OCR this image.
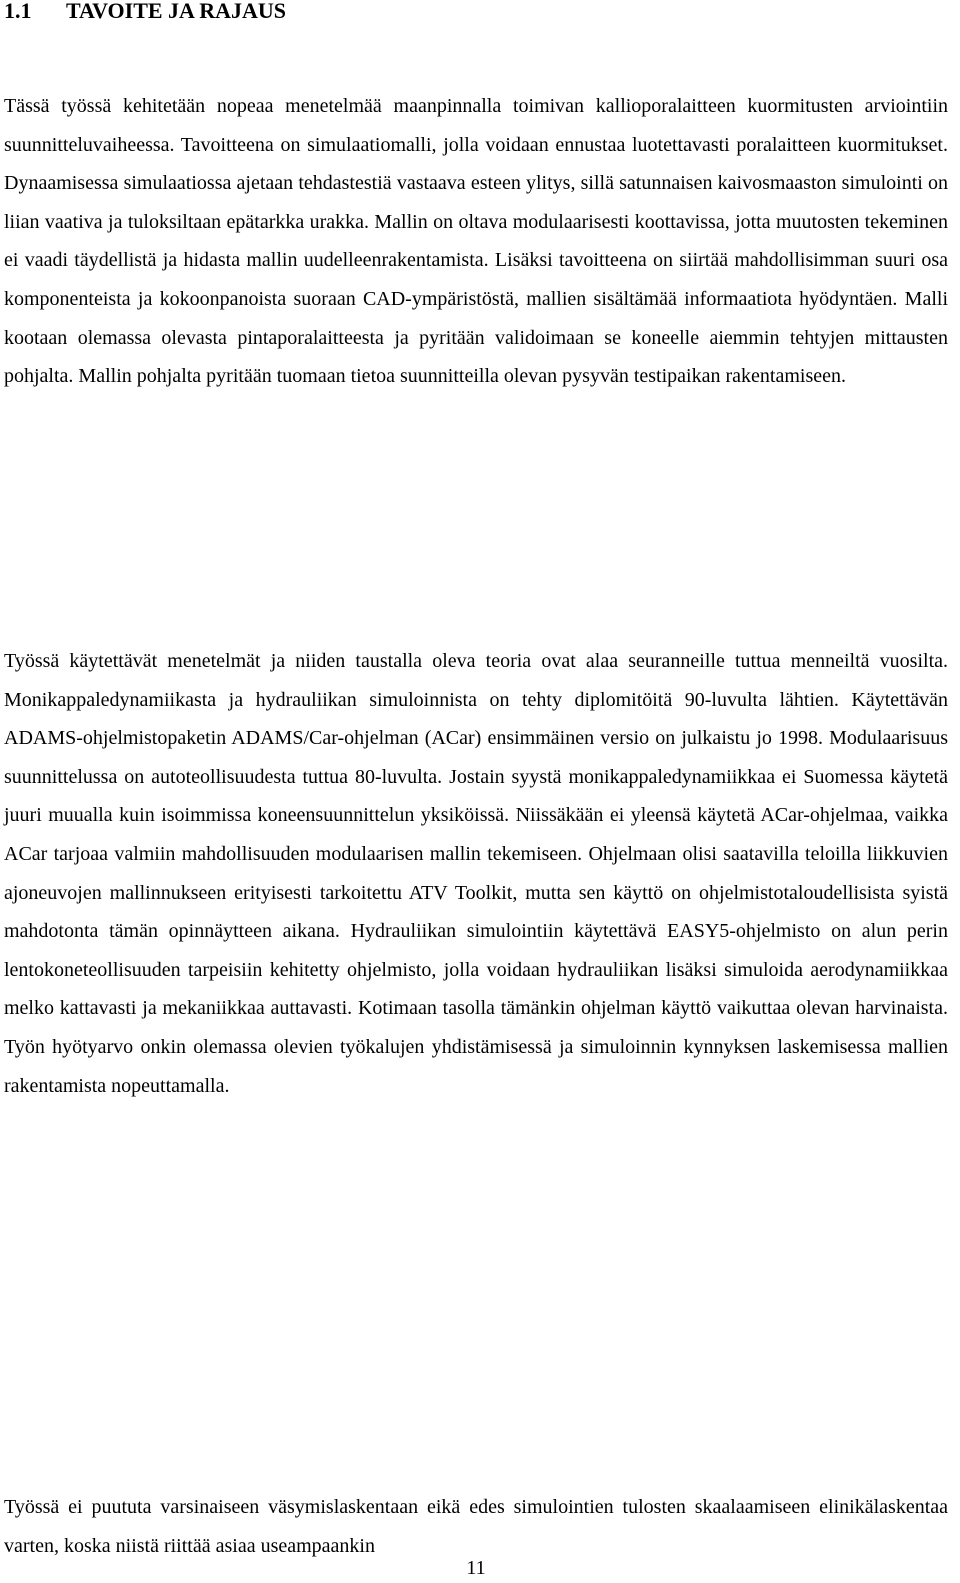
1.1 TAVOITE JA RAJAUS

Tässä työssä kehitetään nopeaa menetelmää maanpinnalla toimivan kallioporalaitteen kuormitusten arviointiin suunnitteluvaiheessa. Tavoitteena on simulaatiomalli, jolla voidaan ennustaa luotettavasti poralaitteen kuormitukset. Dynaamisessa simulaatiossa ajetaan tehdastestiä vastaava esteen ylitys, sillä satunnaisen kaivosmaaston simulointi on liian vaativa ja tuloksiltaan epätarkka urakka. Mallin on oltava modulaarisesti koottavissa, jotta muutosten tekeminen ei vaadi täydellistä ja hidasta mallin uudelleenrakentamista. Lisäksi tavoitteena on siirtää mahdollisimman suuri osa komponenteista ja kokoonpanoista suoraan CAD-ympäristöstä, mallien sisältämää informaatiota hyödyntäen. Malli kootaan olemassa olevasta pintaporalaitteesta ja pyritään validoimaan se koneelle aiemmin tehtyjen mittausten pohjalta. Mallin pohjalta pyritään tuomaan tietoa suunnitteilla olevan pysyvän testipaikan rakentamiseen.

Työssä käytettävät menetelmät ja niiden taustalla oleva teoria ovat alaa seuranneille tuttua menneiltä vuosilta. Monikappaledynamiikasta ja hydrauliikan simuloinnista on tehty diplomitöitä 90-luvulta lähtien. Käytettävän ADAMS-ohjelmistopaketin ADAMS/Car-ohjelman (ACar) ensimmäinen versio on julkaistu jo 1998. Modulaarisuus suunnittelussa on autoteollisuudesta tuttua 80-luvulta. Jostain syystä monikappaledynamiikkaa ei Suomessa käytetä juuri muualla kuin isoimmissa koneensuunnittelun yksiköissä. Niissäkään ei yleensä käytetä ACar-ohjelmaa, vaikka ACar tarjoaa valmiin mahdollisuuden modulaarisen mallin tekemiseen. Ohjelmaan olisi saatavilla teloilla liikkuvien ajoneuvojen mallinnukseen erityisesti tarkoitettu ATV Toolkit, mutta sen käyttö on ohjelmistotaloudellisista syistä mahdotonta tämän opinnäytteen aikana. Hydrauliikan simulointiin käytettävä EASY5-ohjelmisto on alun perin lentokoneteollisuuden tarpeisiin kehitetty ohjelmisto, jolla voidaan hydrauliikan lisäksi simuloida aerodynamiikkaa melko kattavasti ja mekaniikkaa auttavasti. Kotimaan tasolla tämänkin ohjelman käyttö vaikuttaa olevan harvinaista. Työn hyötyarvo onkin olemassa olevien työkalujen yhdistämisessä ja simuloinnin kynnyksen laskemisessa mallien rakentamista nopeuttamalla.

Työssä ei puututa varsinaiseen väsymislaskentaan eikä edes simulointien tulosten skaalaamiseen elinikälaskentaa varten, koska niistä riittää asiaa useampaankin

11
